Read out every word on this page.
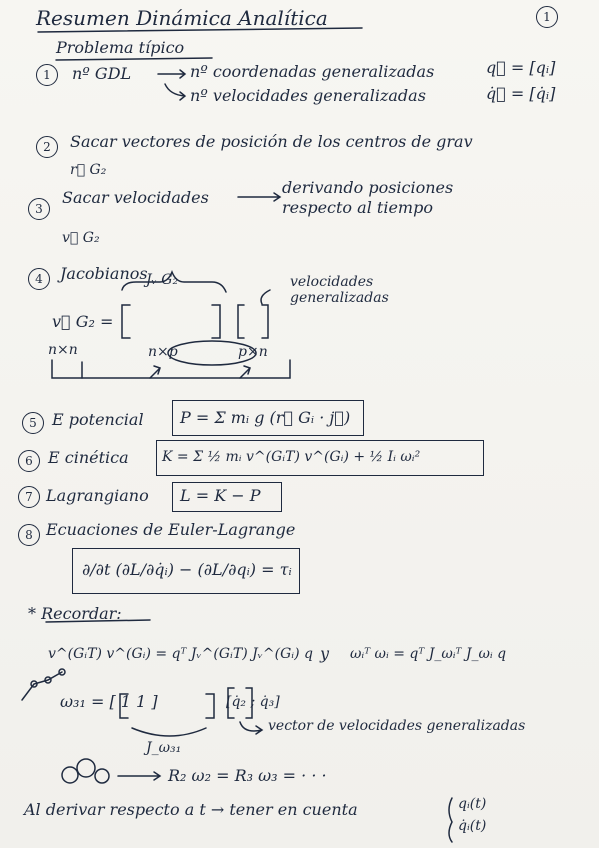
1
Resumen Dinámica Analítica
Problema típico
1	nº GDL	nº coordenadas generalizadas	q⃗ = [qᵢ]
nº velocidades generalizadas	q̇⃗ = [q̇ᵢ]
2	Sacar vectores de posición de los centros de grav
r⃗ G₂
3
Sacar velocidades
derivando posiciones
respecto al tiempo
v⃗ G₂
4	Jacobianos
Jᵥ G₂	velocidades
generalizadas
v⃗ G₂ =
n×n	n×p	p×n
5 E potencial P = Σ mᵢ g (r⃗ Gᵢ · j⃗)
6 E cinética K = Σ ½ mᵢ v^(GᵢT) v^(Gᵢ) + ½ Iᵢ ωᵢ²
7 Lagrangiano L = K − P
8 Ecuaciones de Euler-Lagrange
∂/∂t (∂L/∂q̇ᵢ) − (∂L/∂qᵢ) = τᵢ
* Recordar:
v^(GᵢT) v^(Gᵢ) = qᵀ Jᵥ^(GᵢT) Jᵥ^(Gᵢ) q y ωᵢᵀ ωᵢ = qᵀ J_ωᵢᵀ J_ωᵢ q
ω₃₁ = [ 1 1 ]	[q̇₂ ; q̇₃]
vector de velocidades generalizadas
J_ω₃₁
R₂ ω₂ = R₃ ω₃ = · · ·
Al derivar respecto a t → tener en cuenta	qᵢ(t)
q̇ᵢ(t)
